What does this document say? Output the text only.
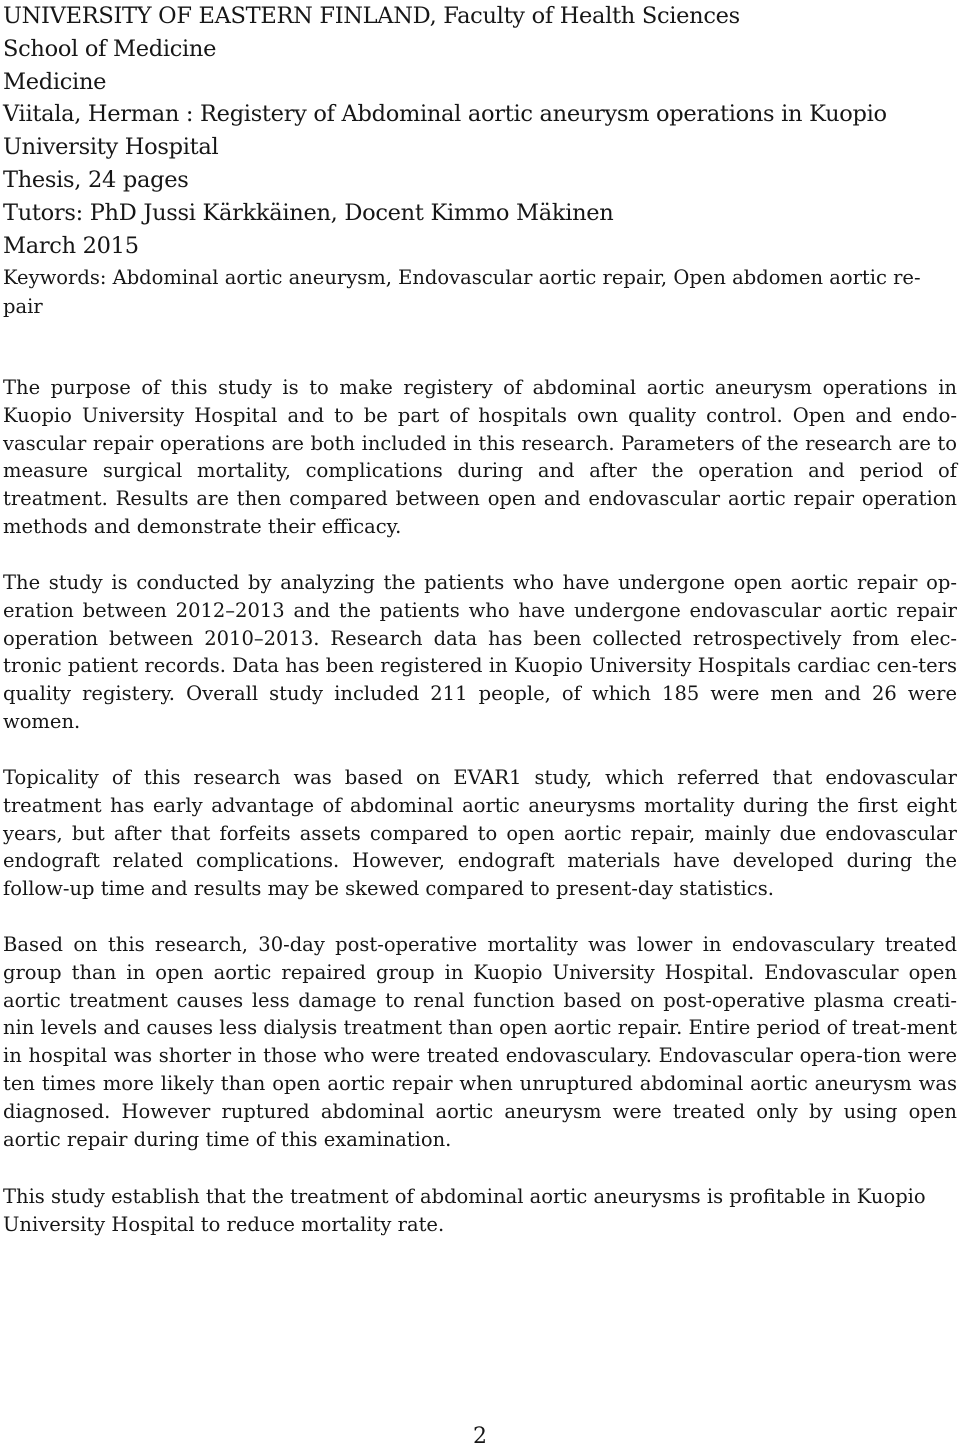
UNIVERSITY OF EASTERN FINLAND, Faculty of Health Sciences
School of Medicine
Medicine
Viitala, Herman : Registery of Abdominal aortic aneurysm operations in Kuopio
University Hospital
Thesis, 24 pages
Tutors: PhD Jussi Kärkkäinen, Docent Kimmo Mäkinen
March 2015

Keywords: Abdominal aortic aneurysm, Endovascular aortic repair, Open abdomen aortic re-pair

The purpose of this study is to make registery of abdominal aortic aneurysm operations in Kuopio University Hospital and to be part of hospitals own quality control. Open and endo-vascular repair operations are both included in this research. Parameters of the research are to measure surgical mortality, complications during and after the operation and period of treatment. Results are then compared between open and endovascular aortic repair operation methods and demonstrate their efficacy.

The study is conducted by analyzing the patients who have undergone open aortic repair op-eration between 2012–2013 and the patients who have undergone endovascular aortic repair operation between 2010–2013. Research data has been collected retrospectively from elec-tronic patient records. Data has been registered in Kuopio University Hospitals cardiac cen-ters quality registery. Overall study included 211 people, of which 185 were men and 26 were women.

Topicality of this research was based on EVAR1 study, which referred that endovascular treatment has early advantage of abdominal aortic aneurysms mortality during the first eight years, but after that forfeits assets compared to open aortic repair, mainly due endovascular endograft related complications. However, endograft materials have developed during the follow-up time and results may be skewed compared to present-day statistics.

Based on this research, 30-day post-operative mortality was lower in endovasculary treated group than in open aortic repaired group in Kuopio University Hospital. Endovascular open aortic treatment causes less damage to renal function based on post-operative plasma creati-nin levels and causes less dialysis treatment than open aortic repair. Entire period of treat-ment in hospital was shorter in those who were treated endovasculary. Endovascular opera-tion were ten times more likely than open aortic repair when unruptured abdominal aortic aneurysm was diagnosed. However ruptured abdominal aortic aneurysm were treated only by using open aortic repair during time of this examination.

This study establish that the treatment of abdominal aortic aneurysms is profitable in Kuopio University Hospital to reduce mortality rate.

2
